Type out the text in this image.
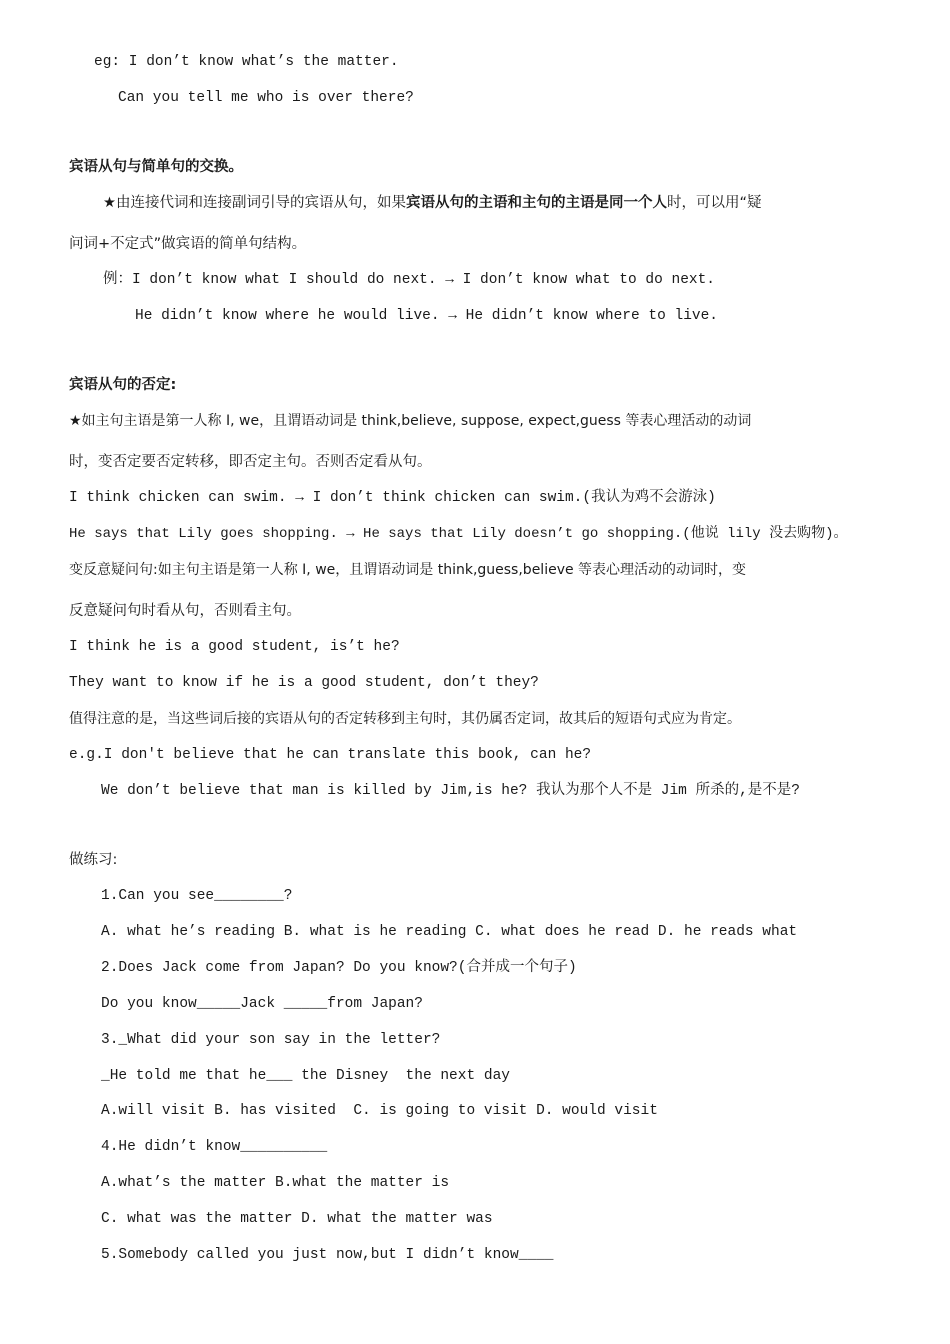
eg: I don’t know what’s the matter.
Can you tell me who is over there?
宾语从句与简单句的交换。
★由连接代词和连接副词引导的宾语从句，如果宾语从句的主语和主句的主语是同一个人时，可以用“疑
问词+不定式”做宾语的简单句结构。
例：I don’t know what I should do next. → I don’t know what to do next.
He didn’t know where he would live. → He didn’t know where to live.
宾语从句的否定:
★如主句主语是第一人称 I, we，且谓语动词是 think,believe, suppose, expect,guess 等表心理活动的动词
时，变否定要否定转移，即否定主句。否则否定看从句。
I think chicken can swim. → I don’t think chicken can swim.(我认为鸡不会游泳)
He says that Lily goes shopping. → He says that Lily doesn’t go shopping.(他说 lily 没去购物)。
变反意疑问句:如主句主语是第一人称 I, we，且谓语动词是 think,guess,believe 等表心理活动的动词时，变
反意疑问句时看从句，否则看主句。
I think he is a good student, is’t he?
They want to know if he is a good student, don’t they?
值得注意的是，当这些词后接的宾语从句的否定转移到主句时，其仍属否定词，故其后的短语句式应为肯定。
e.g.I don't believe that he can translate this book, can he?
We don’t believe that man is killed by Jim,is he? 我认为那个人不是 Jim 所杀的,是不是?
做练习:
1.Can you see________?
A. what he’s reading B. what is he reading C. what does he read D. he reads what
2.Does Jack come from Japan? Do you know?(合并成一个句子)
Do you know_____Jack _____from Japan?
3._What did your son say in the letter?
_He told me that he___ the Disney  the next day
A.will visit B. has visited  C. is going to visit D. would visit
4.He didn’t know__________
A.what’s the matter B.what the matter is
C. what was the matter D. what the matter was
5.Somebody called you just now,but I didn’t know____
